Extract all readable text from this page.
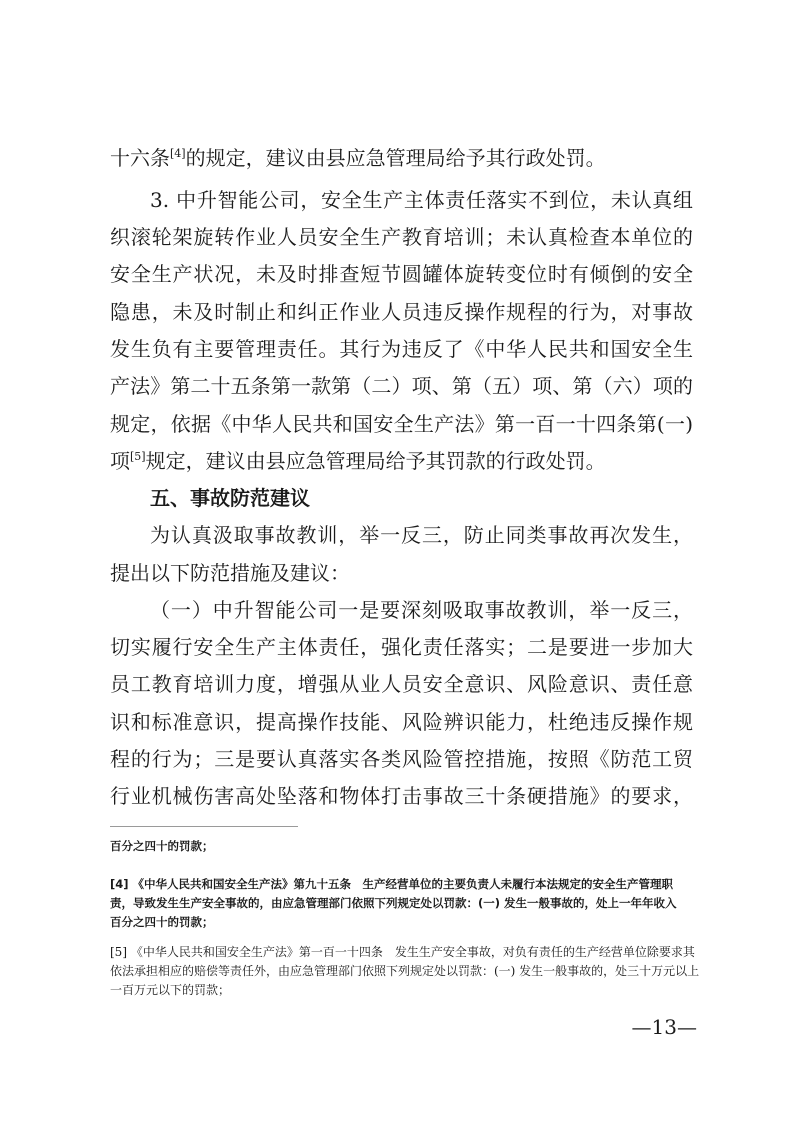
十六条[4]的规定，建议由县应急管理局给予其行政处罚。
3. 中升智能公司，安全生产主体责任落实不到位，未认真组
织滚轮架旋转作业人员安全生产教育培训；未认真检查本单位的
安全生产状况，未及时排查短节圆罐体旋转变位时有倾倒的安全
隐患，未及时制止和纠正作业人员违反操作规程的行为，对事故
发生负有主要管理责任。其行为违反了《中华人民共和国安全生
产法》第二十五条第一款第（二）项、第（五）项、第（六）项的
规定，依据《中华人民共和国安全生产法》第一百一十四条第(一)
项[5]规定，建议由县应急管理局给予其罚款的行政处罚。
五、事故防范建议
为认真汲取事故教训，举一反三，防止同类事故再次发生，
提出以下防范措施及建议：
（一）中升智能公司一是要深刻吸取事故教训，举一反三，
切实履行安全生产主体责任，强化责任落实；二是要进一步加大
员工教育培训力度，增强从业人员安全意识、风险意识、责任意
识和标准意识，提高操作技能、风险辨识能力，杜绝违反操作规
程的行为；三是要认真落实各类风险管控措施，按照《防范工贸
行业机械伤害高处坠落和物体打击事故三十条硬措施》的要求，
百分之四十的罚款；
[4] 《中华人民共和国安全生产法》第九十五条　生产经营单位的主要负责人未履行本法规定的安全生产管理职
责，导致发生生产安全事故的，由应急管理部门依照下列规定处以罚款：(一) 发生一般事故的，处上一年年收入
百分之四十的罚款；
[5] 《中华人民共和国安全生产法》第一百一十四条　发生生产安全事故，对负有责任的生产经营单位除要求其
依法承担相应的赔偿等责任外，由应急管理部门依照下列规定处以罚款：(一) 发生一般事故的，处三十万元以上
一百万元以下的罚款；
—13—
